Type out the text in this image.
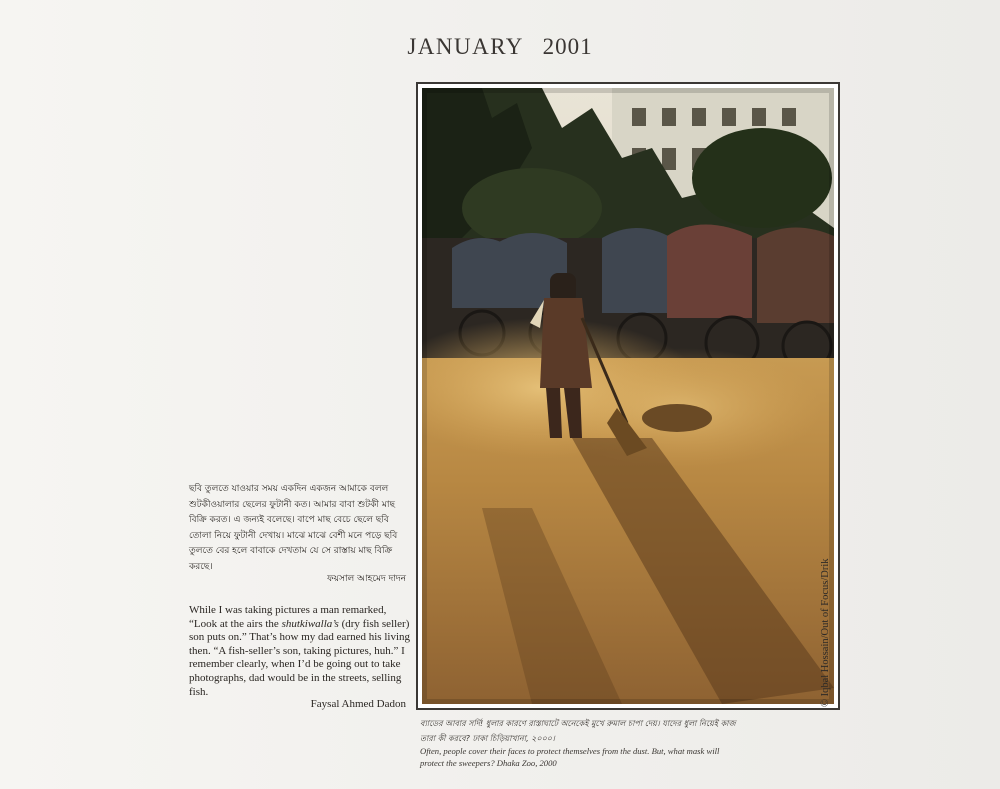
JANUARY 2001
© Iqbal Hossain/Out of Focus/Drik
ছবি তুলতে যাওয়ার সময় একদিন একজন আমাকে বলল শুটকীওয়ালার ছেলের ফুটানী কত। আমার বাবা শুটকী মাছ বিক্রি করত। এ জন্যই বলেছে। বাপে মাছ বেচে ছেলে ছবি তোলা নিয়ে ফুটানী দেখায়। মাঝে মাঝে বেশী মনে পড়ে ছবি তুলতে বের হলে বাবাকে দেখতাম যে সে রাস্তায় মাছ বিক্রি করছে।
ফয়সাল আহমেদ দাদন
While I was taking pictures a man remarked, “Look at the airs the shutkiwalla’s (dry fish seller) son puts on.” That’s how my dad earned his living then. “A fish-seller’s son, taking pictures, huh.” I remember clearly, when I’d be going out to take photographs, dad would be in the streets, selling fish.
Faysal Ahmed Dadon
ব্যাডের আবার সর্দি! ধুলার কারণে রাস্তাঘাটে অনেকেই মুখে রুমাল চাপা দেয়। যাদের ধুলা নিয়েই কাজ তারা কী করবে? ঢাকা চিড়িয়াখানা, ২০০০।
Often, people cover their faces to protect themselves from the dust. But, what mask will protect the sweepers? Dhaka Zoo, 2000
